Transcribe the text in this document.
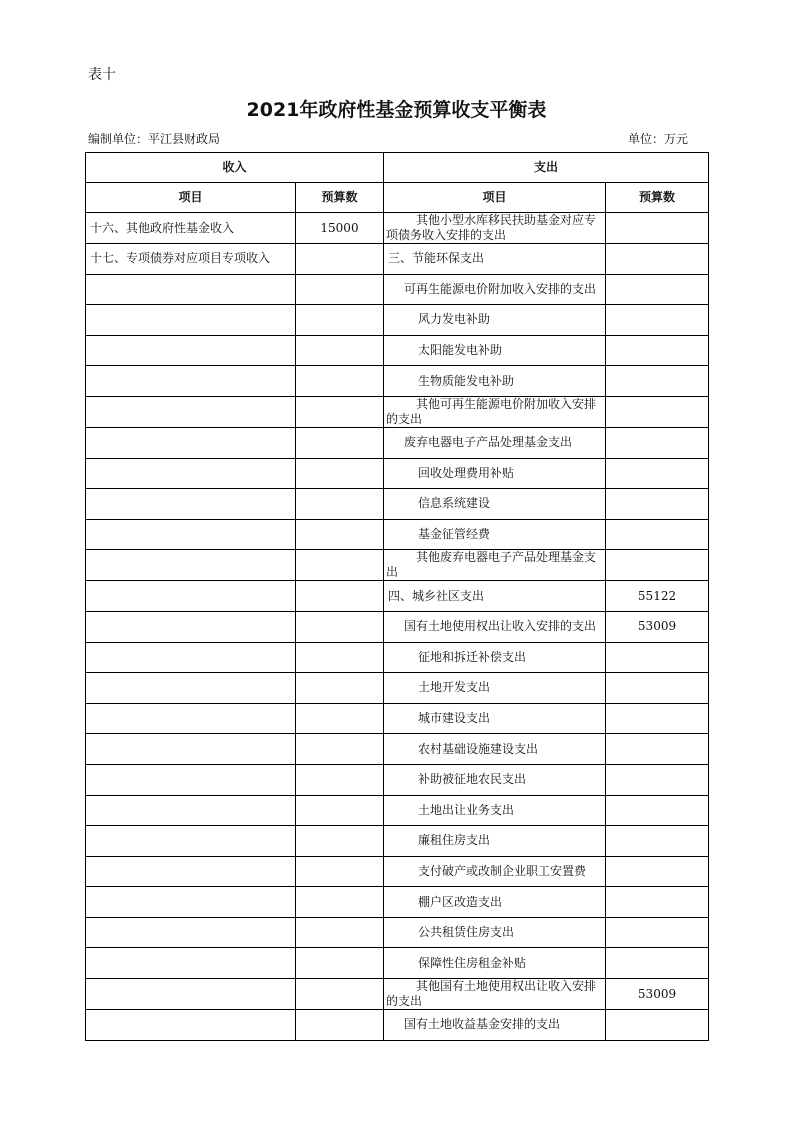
表十
2021年政府性基金预算收支平衡表
编制单位：平江县财政局	单位：万元
收入		支出	
项目	预算数	项目	预算数
十六、其他政府性基金收入	15000	其他小型水库移民扶助基金对应专项债务收入安排的支出	
十七、专项债券对应项目专项收入		三、节能环保支出	
		可再生能源电价附加收入安排的支出	
		风力发电补助	
		太阳能发电补助	
		生物质能发电补助	
		其他可再生能源电价附加收入安排的支出	
		废弃电器电子产品处理基金支出	
		回收处理费用补贴	
		信息系统建设	
		基金征管经费	
		其他废弃电器电子产品处理基金支出	
		四、城乡社区支出	55122
		国有土地使用权出让收入安排的支出	53009
		征地和拆迁补偿支出	
		土地开发支出	
		城市建设支出	
		农村基础设施建设支出	
		补助被征地农民支出	
		土地出让业务支出	
		廉租住房支出	
		支付破产或改制企业职工安置费	
		棚户区改造支出	
		公共租赁住房支出	
		保障性住房租金补贴	
		其他国有土地使用权出让收入安排的支出	53009
		国有土地收益基金安排的支出	
